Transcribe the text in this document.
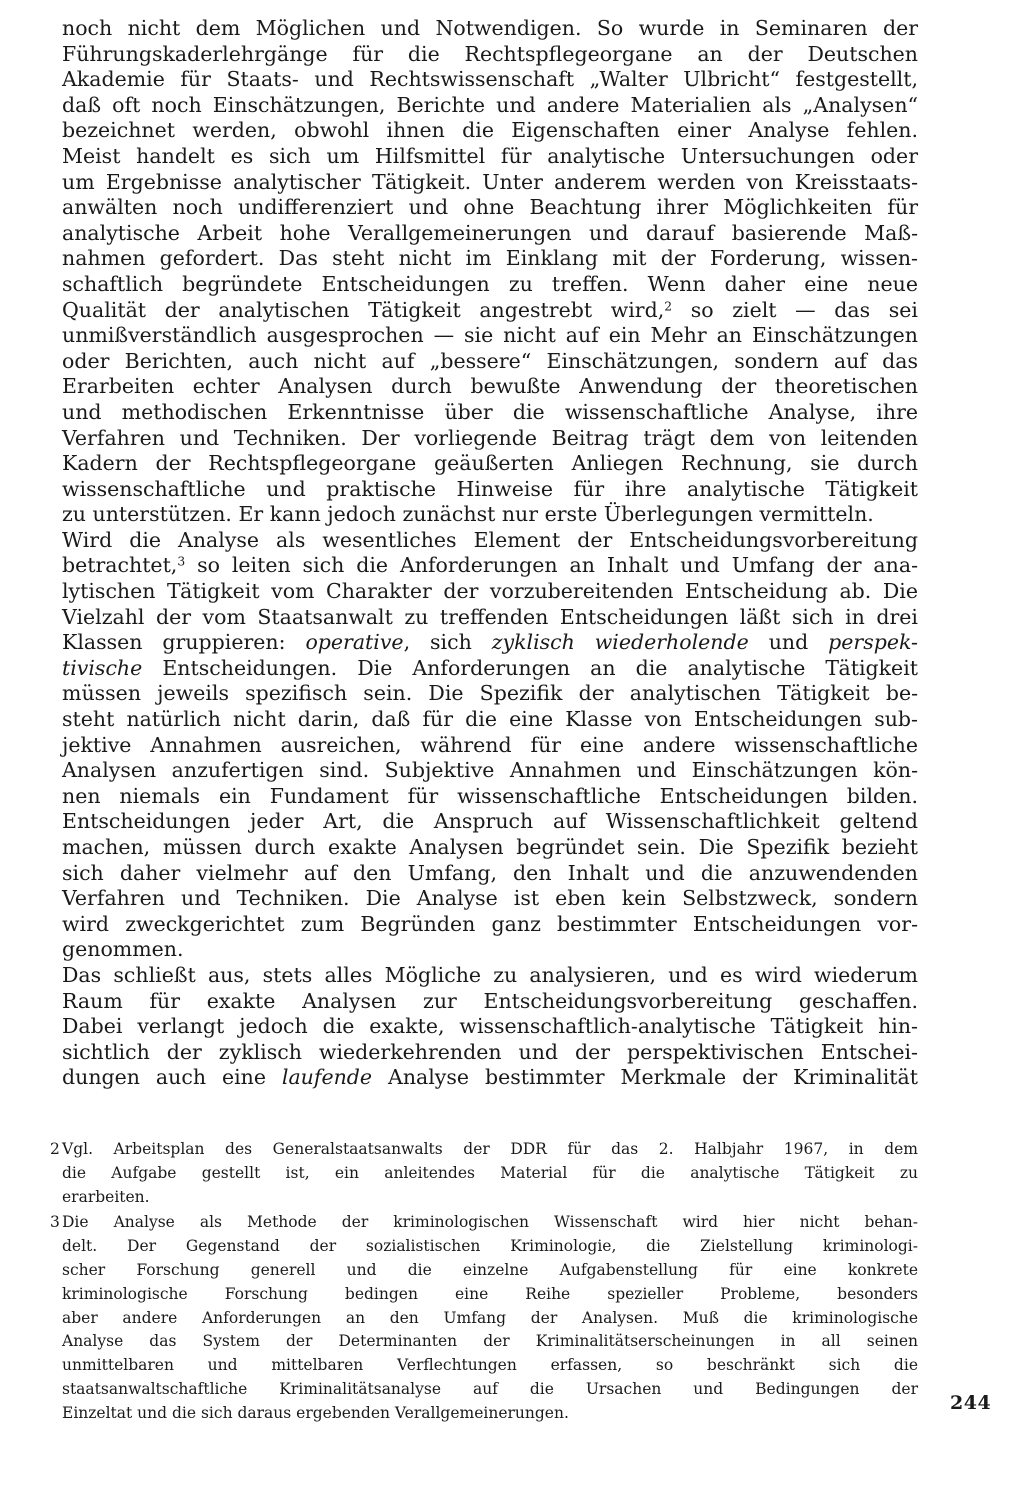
noch nicht dem Möglichen und Notwendigen. So wurde in Seminaren der
Führungskaderlehrgänge für die Rechtspflegeorgane an der Deutschen
Akademie für Staats- und Rechtswissenschaft „Walter Ulbricht“ festgestellt,
daß oft noch Einschätzungen, Berichte und andere Materialien als „Analysen“
bezeichnet werden, obwohl ihnen die Eigenschaften einer Analyse fehlen.
Meist handelt es sich um Hilfsmittel für analytische Untersuchungen oder
um Ergebnisse analytischer Tätigkeit. Unter anderem werden von Kreisstaats-
anwälten noch undifferenziert und ohne Beachtung ihrer Möglichkeiten für
analytische Arbeit hohe Verallgemeinerungen und darauf basierende Maß-
nahmen gefordert. Das steht nicht im Einklang mit der Forderung, wissen-
schaftlich begründete Entscheidungen zu treffen. Wenn daher eine neue
Qualität der analytischen Tätigkeit angestrebt wird,$^2$ so zielt — das sei
unmißverständlich ausgesprochen — sie nicht auf ein Mehr an Einschätzungen
oder Berichten, auch nicht auf „bessere“ Einschätzungen, sondern auf das
Erarbeiten echter Analysen durch bewußte Anwendung der theoretischen
und methodischen Erkenntnisse über die wissenschaftliche Analyse, ihre
Verfahren und Techniken. Der vorliegende Beitrag trägt dem von leitenden
Kadern der Rechtspflegeorgane geäußerten Anliegen Rechnung, sie durch
wissenschaftliche und praktische Hinweise für ihre analytische Tätigkeit
zu unterstützen. Er kann jedoch zunächst nur erste Überlegungen vermitteln.
Wird die Analyse als wesentliches Element der Entscheidungsvorbereitung
betrachtet,$^3$ so leiten sich die Anforderungen an Inhalt und Umfang der ana-
lytischen Tätigkeit vom Charakter der vorzubereitenden Entscheidung ab. Die
Vielzahl der vom Staatsanwalt zu treffenden Entscheidungen läßt sich in drei
Klassen gruppieren: operative, sich zyklisch wiederholende und perspek-
tivische Entscheidungen. Die Anforderungen an die analytische Tätigkeit
müssen jeweils spezifisch sein. Die Spezifik der analytischen Tätigkeit be-
steht natürlich nicht darin, daß für die eine Klasse von Entscheidungen sub-
jektive Annahmen ausreichen, während für eine andere wissenschaftliche
Analysen anzufertigen sind. Subjektive Annahmen und Einschätzungen kön-
nen niemals ein Fundament für wissenschaftliche Entscheidungen bilden.
Entscheidungen jeder Art, die Anspruch auf Wissenschaftlichkeit geltend
machen, müssen durch exakte Analysen begründet sein. Die Spezifik bezieht
sich daher vielmehr auf den Umfang, den Inhalt und die anzuwendenden
Verfahren und Techniken. Die Analyse ist eben kein Selbstzweck, sondern
wird zweckgerichtet zum Begründen ganz bestimmter Entscheidungen vor-
genommen.
Das schließt aus, stets alles Mögliche zu analysieren, und es wird wiederum
Raum für exakte Analysen zur Entscheidungsvorbereitung geschaffen.
Dabei verlangt jedoch die exakte, wissenschaftlich-analytische Tätigkeit hin-
sichtlich der zyklisch wiederkehrenden und der perspektivischen Entschei-
dungen auch eine laufende Analyse bestimmter Merkmale der Kriminalität
2 Vgl. Arbeitsplan des Generalstaatsanwalts der DDR für das 2. Halbjahr 1967, in dem
die Aufgabe gestellt ist, ein anleitendes Material für die analytische Tätigkeit zu
erarbeiten.
3 Die Analyse als Methode der kriminologischen Wissenschaft wird hier nicht behan-
delt. Der Gegenstand der sozialistischen Kriminologie, die Zielstellung kriminologi-
scher Forschung generell und die einzelne Aufgabenstellung für eine konkrete
kriminologische Forschung bedingen eine Reihe spezieller Probleme, besonders
aber andere Anforderungen an den Umfang der Analysen. Muß die kriminologische
Analyse das System der Determinanten der Kriminalitätserscheinungen in all seinen
unmittelbaren und mittelbaren Verflechtungen erfassen, so beschränkt sich die
staatsanwaltschaftliche Kriminalitätsanalyse auf die Ursachen und Bedingungen der
Einzeltat und die sich daraus ergebenden Verallgemeinerungen.	244
